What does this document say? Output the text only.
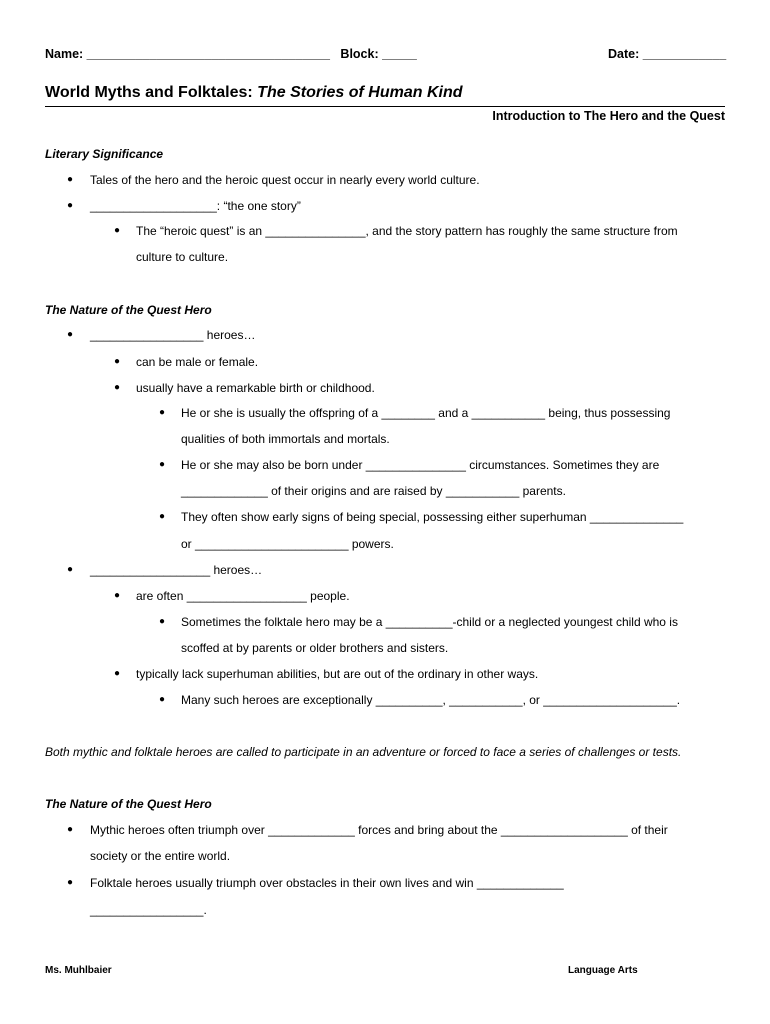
Name: ___________________________________   Block: _____	Date: ____________
World Myths and Folktales: The Stories of Human Kind
Introduction to The Hero and the Quest
Literary Significance
● Tales of the hero and the heroic quest occur in nearly every world culture.
● ___________________: “the one story”
● The “heroic quest” is an _______________, and the story pattern has roughly the same structure from
culture to culture.
The Nature of the Quest Hero
● _________________ heroes…
● can be male or female.
● usually have a remarkable birth or childhood.
● He or she is usually the offspring of a ________ and a ___________ being, thus possessing
qualities of both immortals and mortals.
● He or she may also be born under _______________ circumstances. Sometimes they are
_____________ of their origins and are raised by ___________ parents.
● They often show early signs of being special, possessing either superhuman ______________
or _______________________ powers.
● __________________ heroes…
● are often __________________ people.
● Sometimes the folktale hero may be a __________-child or a neglected youngest child who is
scoffed at by parents or older brothers and sisters.
● typically lack superhuman abilities, but are out of the ordinary in other ways.
● Many such heroes are exceptionally __________, ___________, or ____________________.
Both mythic and folktale heroes are called to participate in an adventure or forced to face a series of challenges or tests.
The Nature of the Quest Hero
● Mythic heroes often triumph over _____________ forces and bring about the ___________________ of their
society or the entire world.
● Folktale heroes usually triumph over obstacles in their own lives and win _____________
_________________.
Ms. Muhlbaier	Language Arts
